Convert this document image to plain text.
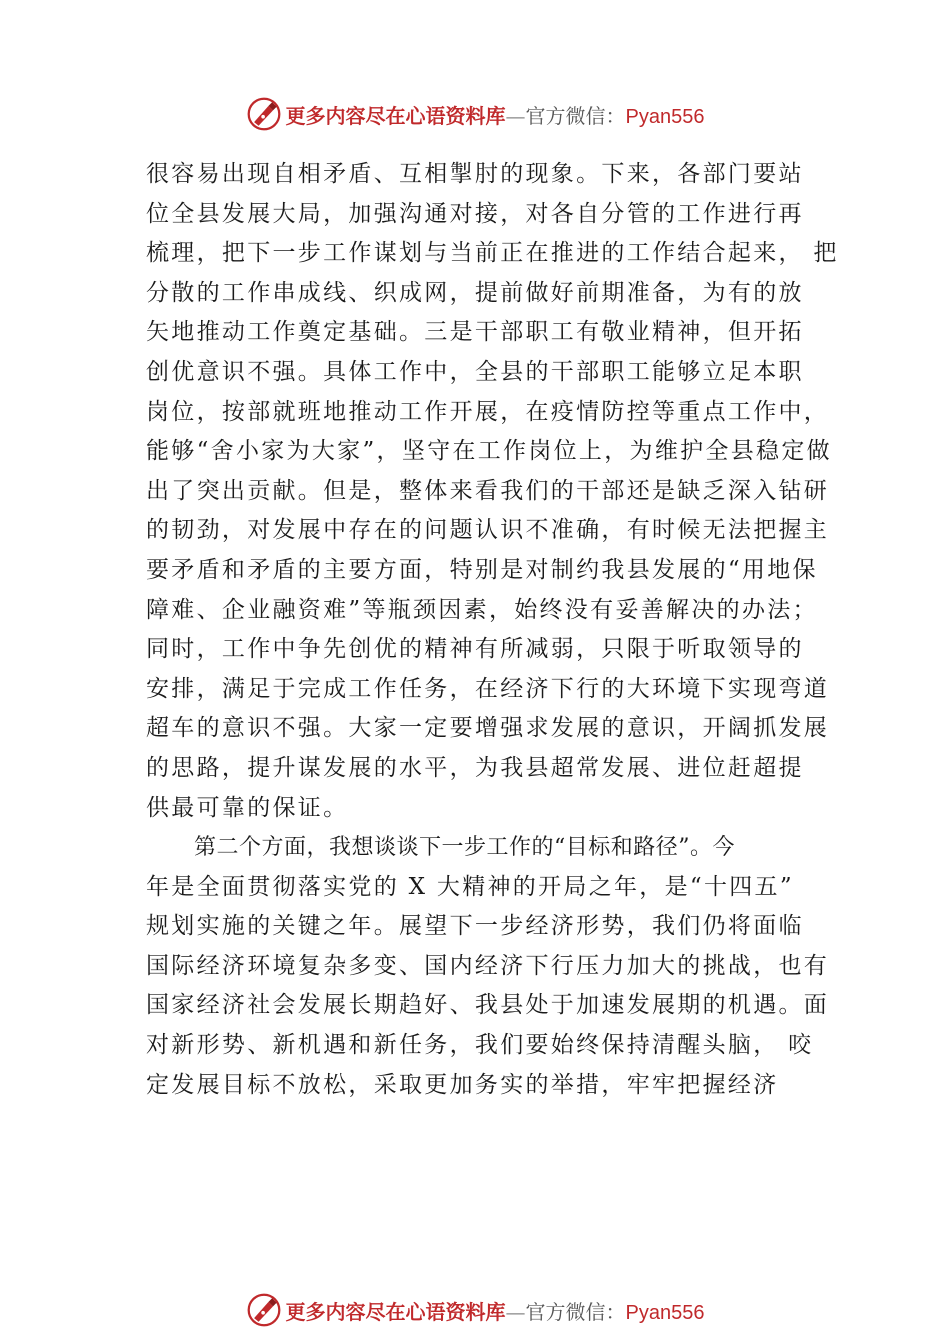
更多内容尽在心语资料库 — 官方微信： Pyan556
很容易出现自相矛盾、互相掣肘的现象。下来，各部门要站
位全县发展大局，加强沟通对接，对各自分管的工作进行再
梳理，把下一步工作谋划与当前正在推进的工作结合起来， 把
分散的工作串成线、织成网，提前做好前期准备，为有的放
矢地推动工作奠定基础。三是干部职工有敬业精神，但开拓
创优意识不强。具体工作中，全县的干部职工能够立足本职
岗位，按部就班地推动工作开展，在疫情防控等重点工作中，
能够“舍小家为大家”，坚守在工作岗位上，为维护全县稳定做
出了突出贡献。但是，整体来看我们的干部还是缺乏深入钻研
的韧劲，对发展中存在的问题认识不准确，有时候无法把握主
要矛盾和矛盾的主要方面，特别是对制约我县发展的“用地保
障难、企业融资难”等瓶颈因素，始终没有妥善解决的办法；
同时，工作中争先创优的精神有所减弱，只限于听取领导的
安排，满足于完成工作任务，在经济下行的大环境下实现弯道
超车的意识不强。大家一定要增强求发展的意识，开阔抓发展
的思路，提升谋发展的水平，为我县超常发展、进位赶超提
供最可靠的保证。
第二个方面，我想谈谈下一步工作的“目标和路径”。今
年是全面贯彻落实党的 X 大精神的开局之年，是“十四五”
规划实施的关键之年。展望下一步经济形势，我们仍将面临
国际经济环境复杂多变、国内经济下行压力加大的挑战，也有
国家经济社会发展长期趋好、我县处于加速发展期的机遇。面
对新形势、新机遇和新任务，我们要始终保持清醒头脑， 咬
定发展目标不放松，采取更加务实的举措，牢牢把握经济
更多内容尽在心语资料库 — 官方微信： Pyan556
